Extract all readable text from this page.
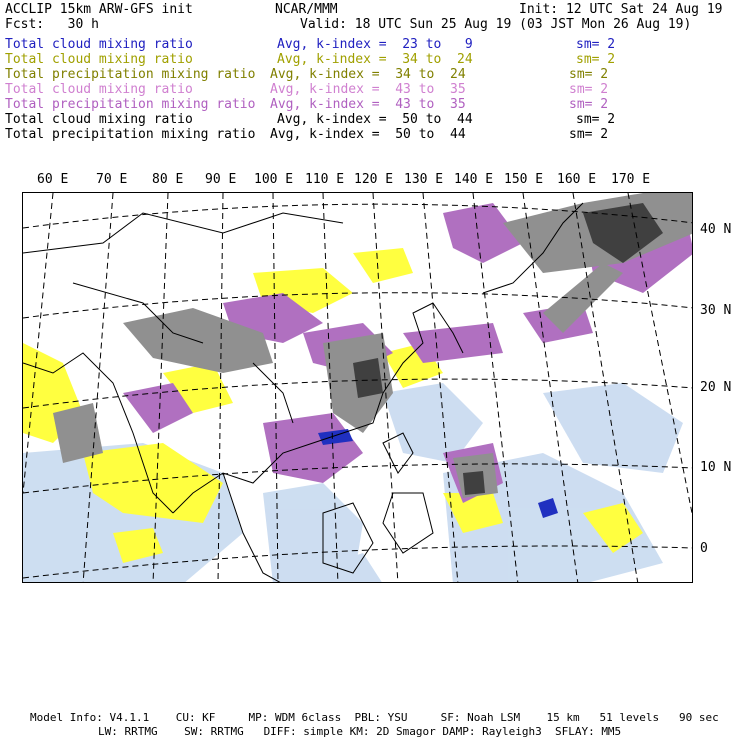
ACCLIP 15km ARW-GFS init	NCAR/MMM	Init: 12 UTC Sat 24 Aug 19
Fcst:   30 h	Valid: 18 UTC Sun 25 Aug 19 (03 JST Mon 26 Aug 19)
Total cloud mixing ratio	Avg, k-index =  23 to   9	sm= 2
Total cloud mixing ratio	Avg, k-index =  34 to  24	sm= 2
Total precipitation mixing ratio Avg, k-index =  34 to  24	sm= 2
Total cloud mixing ratio	Avg, k-index =  43 to  35	sm= 2
Total precipitation mixing ratio Avg, k-index =  43 to  35	sm= 2
Total cloud mixing ratio	Avg, k-index =  50 to  44	sm= 2
Total precipitation mixing ratio Avg, k-index =  50 to  44	sm= 2
60 E 70 E 80 E 90 E 100 E 110 E 120 E 130 E 140 E 150 E 160 E 170 E
40 N
30 N
20 N
10 N
0
Model Info: V4.1.1    CU: KF     MP: WDM 6class  PBL: YSU     SF: Noah LSM    15 km   51 levels   90 sec
LW: RRTMG    SW: RRTMG   DIFF: simple KM: 2D Smagor DAMP: Rayleigh3  SFLAY: MM5
